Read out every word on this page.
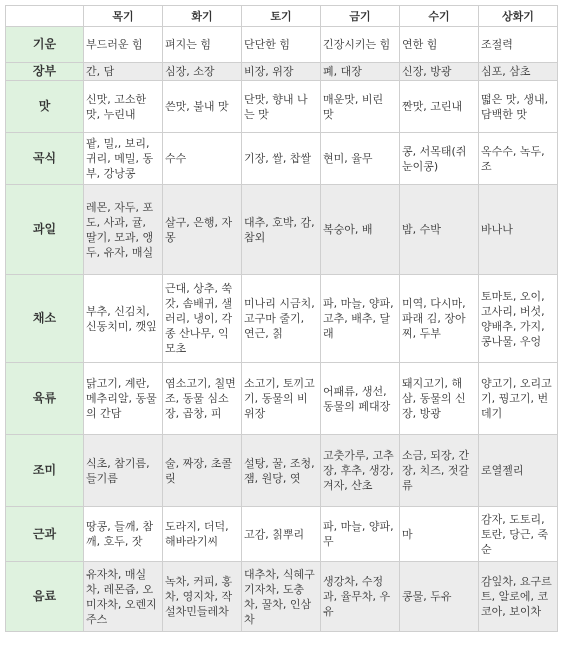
	목기	화기	토기	금기	수기	상화기
기운	부드러운 힘	펴지는 힘	단단한 힘	긴장시키는 힘	연한 힘	조절력
장부	간, 담	심장, 소장	비장, 위장	폐, 대장	신장, 방광	심포, 삼초
맛	신맛, 고소한 맛, 누린내	쓴맛, 불내 맛	단맛, 향내 나는 맛	매운맛, 비린 맛	짠맛, 고린내	떫은 맛, 생내, 담백한 맛
곡식	팥, 밀,, 보리, 귀리, 메밀, 동부, 강낭콩	수수	기장, 쌀, 찹쌀	현미, 율무	콩, 서목태(쥐눈이콩)	옥수수, 녹두, 조
과일	레몬, 자두, 포도, 사과, 귤, 딸기, 모과, 앵두, 유자, 매실	살구, 은행, 자몽	대추, 호박, 감, 참외	복숭아, 배	밤, 수박	바나나
채소	부추, 신김치, 신동치미, 깻잎	근대, 상추, 쑥갓, 솜배귀, 샐러리, 냉이, 각종 산나무, 익모초	미나리 시금치, 고구마 줄기, 연근, 칡	파, 마늘, 양파, 고추, 배추, 달래	미역, 다시마, 파래 김, 장아찌, 두부	토마토, 오이, 고사리, 버섯, 양배추, 가지, 콩나물, 우엉
육류	닭고기, 계란, 메추리알, 동물의 간담	염소고기, 칠면조, 동물 심소장, 곱창, 피	소고기, 토끼고기, 동물의 비위장	어패류, 생선, 동물의 페대장	돼지고기, 해삼, 동물의 신장, 방광	양고기, 오리고기, 꿩고기, 번데기
조미	식초, 참기름, 들기름	술, 짜장, 초콜릿	설탕, 꿀, 조청, 잼, 원당, 엿	고춧가루, 고추장, 후추, 생강, 겨자, 산초	소금, 되장, 간장, 치즈, 젓갈류	로열젤리
근과	땅콩, 들깨, 참깨, 호두, 잣	도라지, 더덕, 해바라기씨	고감, 칡뿌리	파, 마늘, 양파, 무	마	감자, 도토리, 토란, 당근, 죽순
음료	유자차, 매실차, 레몬즙, 오미자차, 오렌지주스	녹차, 커피, 홍차, 영지차, 작설차민들레차	대추차, 식혜구기자차, 도충차, 꿀차, 인삼차	생강차, 수정과, 율무차, 우유	콩물, 두유	감잎차, 요구르트, 알로에, 코코아, 보이차
